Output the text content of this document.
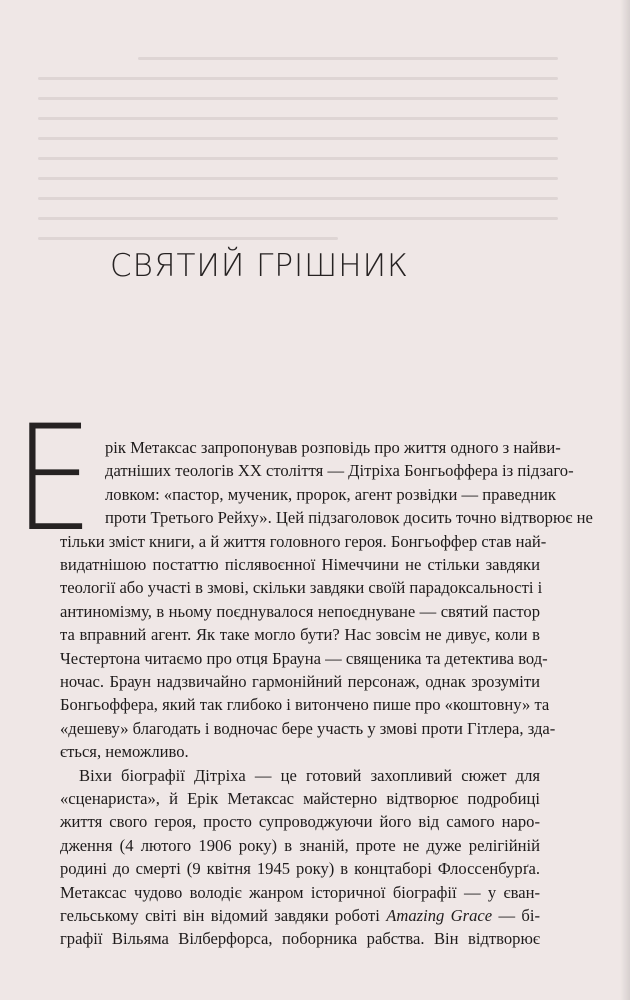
СВЯТИЙ ГРІШНИК
Е рік Метаксас запропонував розповідь про життя одного з найви-
датніших теологів XX століття — Дітріха Бонгьоффера із підзаго-
ловком: «пастор, мученик, пророк, агент розвідки — праведник
проти Третього Рейху». Цей підзаголовок досить точно відтворює не
тільки зміст книги, а й життя головного героя. Бонгьоффер став най-
видатнішою постаттю післявоєнної Німеччини не стільки завдяки
теології або участі в змові, скільки завдяки своїй парадоксальності і
антиномізму, в ньому поєднувалося непоєднуване — святий пастор
та вправний агент. Як таке могло бути? Нас зовсім не дивує, коли в
Честертона читаємо про отця Брауна — священика та детектива вод-
ночас. Браун надзвичайно гармонійний персонаж, однак зрозуміти
Бонгьоффера, який так глибоко і витончено пише про «коштовну» та
«дешеву» благодать і водночас бере участь у змові проти Гітлера, зда-
ється, неможливо.
Віхи біографії Дітріха — це готовий захопливий сюжет для
«сценариста», й Ерік Метаксас майстерно відтворює подробиці
життя свого героя, просто супроводжуючи його від самого наро-
дження (4 лютого 1906 року) в знаній, проте не дуже релігійній
родині до смерті (9 квітня 1945 року) в концтаборі Флоссенбурґа.
Метаксас чудово володіє жанром історичної біографії — у єван-
гельському світі він відомий завдяки роботі Amazing Grace — бі-
графії Вільяма Вілберфорса, поборника рабства. Він відтворює
